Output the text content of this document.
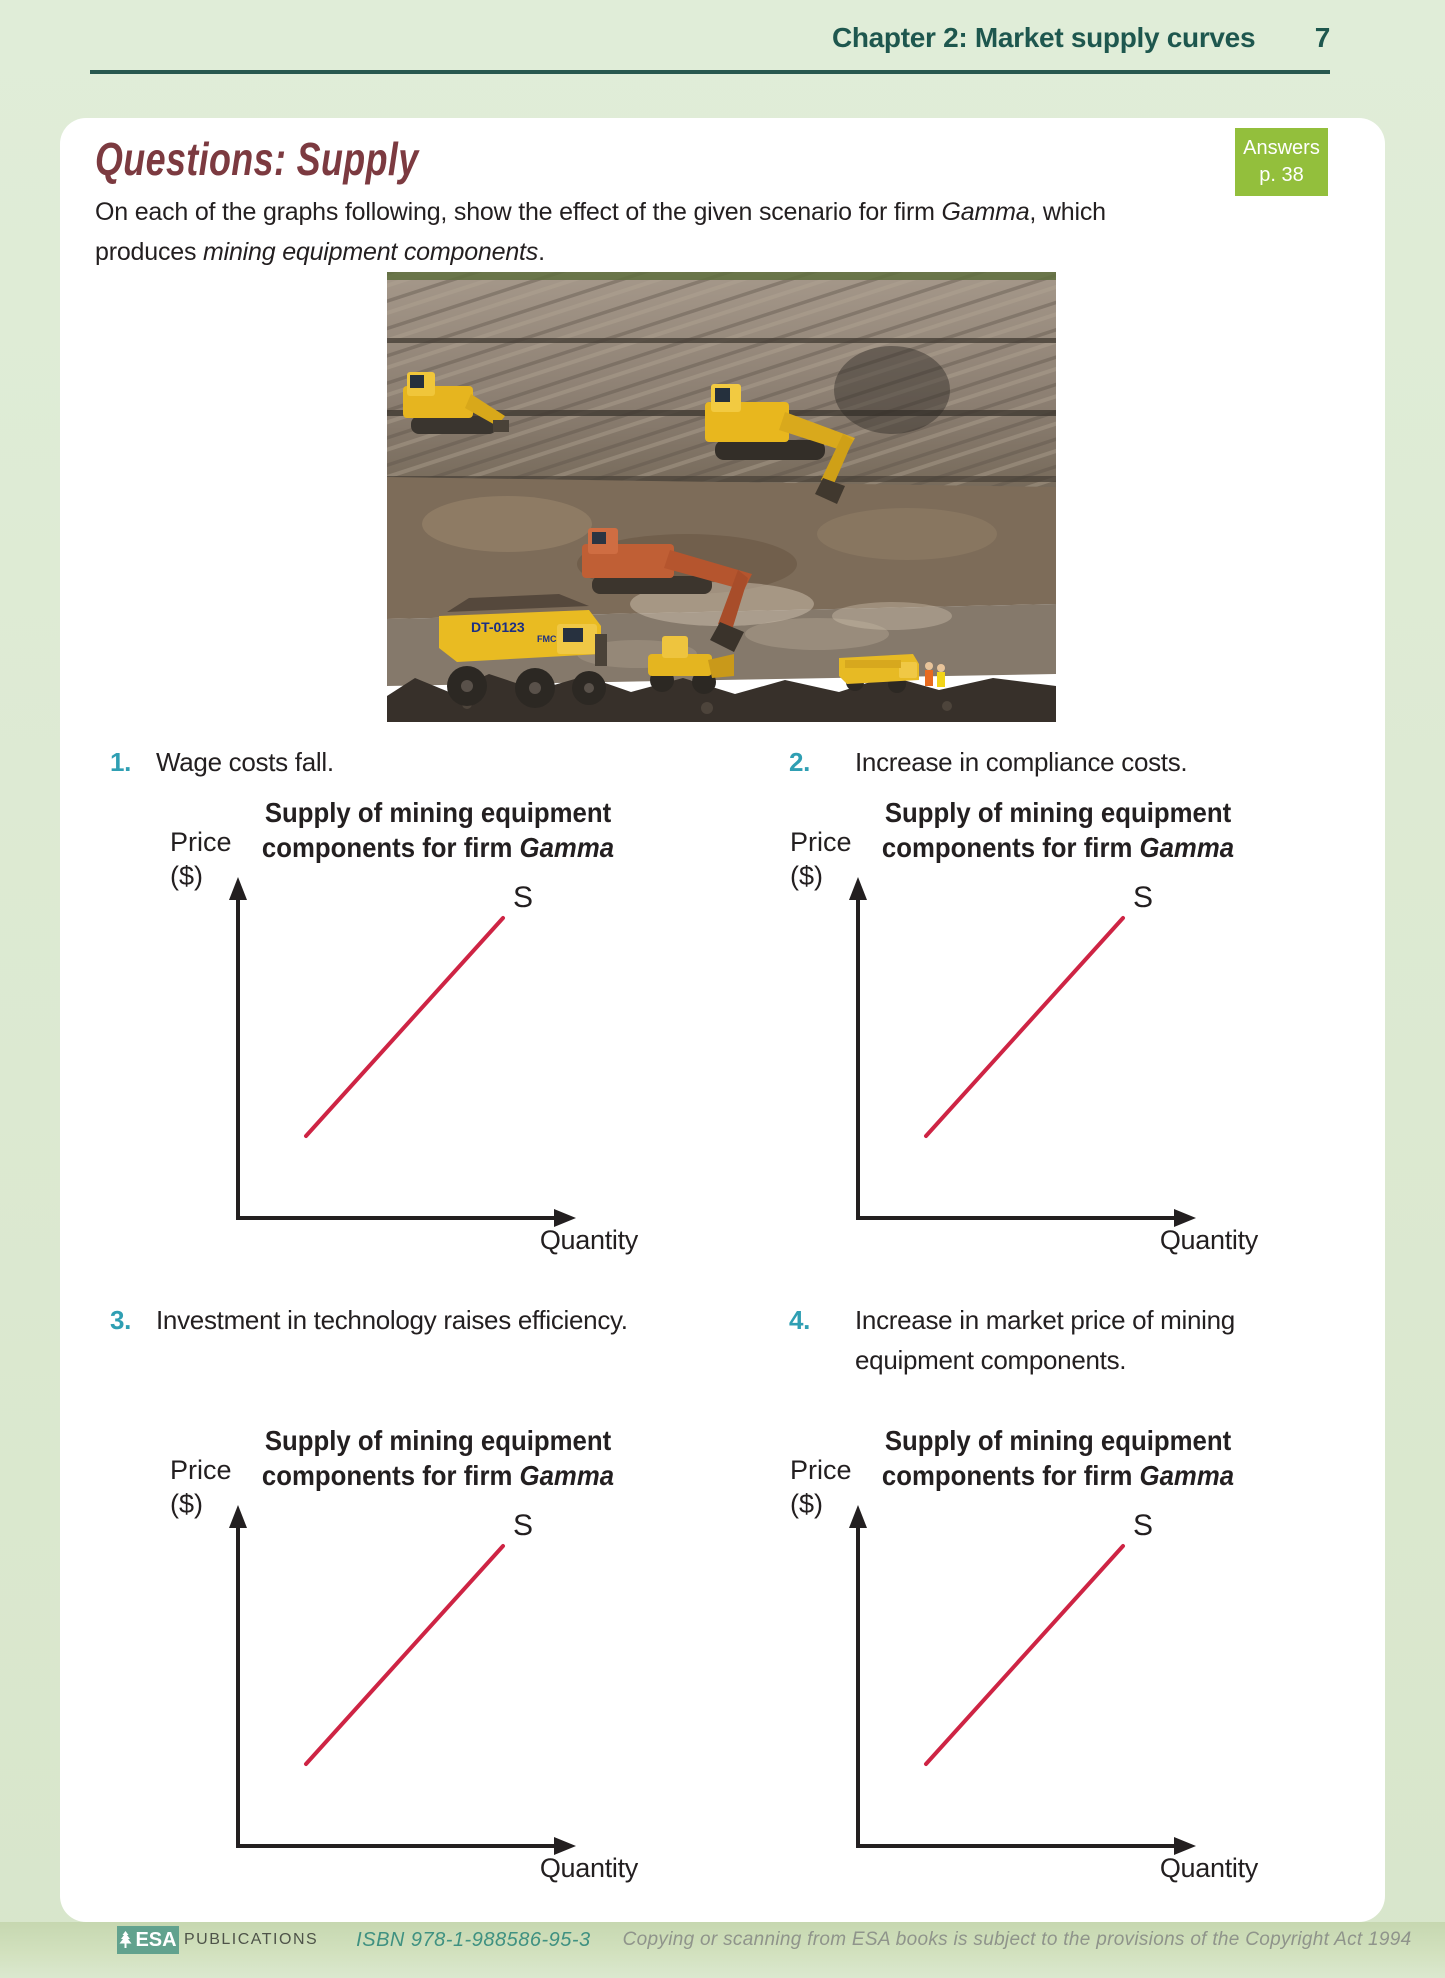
Chapter 2: Market supply curves 7
Questions: Supply	Answers
p. 38
On each of the graphs following, show the effect of the given scenario for firm Gamma, which produces mining equipment components.
DT-0123
FMC
1. Wage costs fall.	2.	Increase in compliance costs.
3. Investment in technology raises efficiency.	4.	Increase in market price of mining equipment components.
Supply of mining equipment
components for firm Gamma
Price
($)
S
Quantity
Supply of mining equipment
components for firm Gamma
Price
($)
S
Quantity
Supply of mining equipment
components for firm Gamma
Price
($)
S
Quantity
Supply of mining equipment
components for firm Gamma
Price
($)
S
Quantity
ESA PUBLICATIONS ISBN 978-1-988586-95-3 Copying or scanning from ESA books is subject to the provisions of the Copyright Act 1994
